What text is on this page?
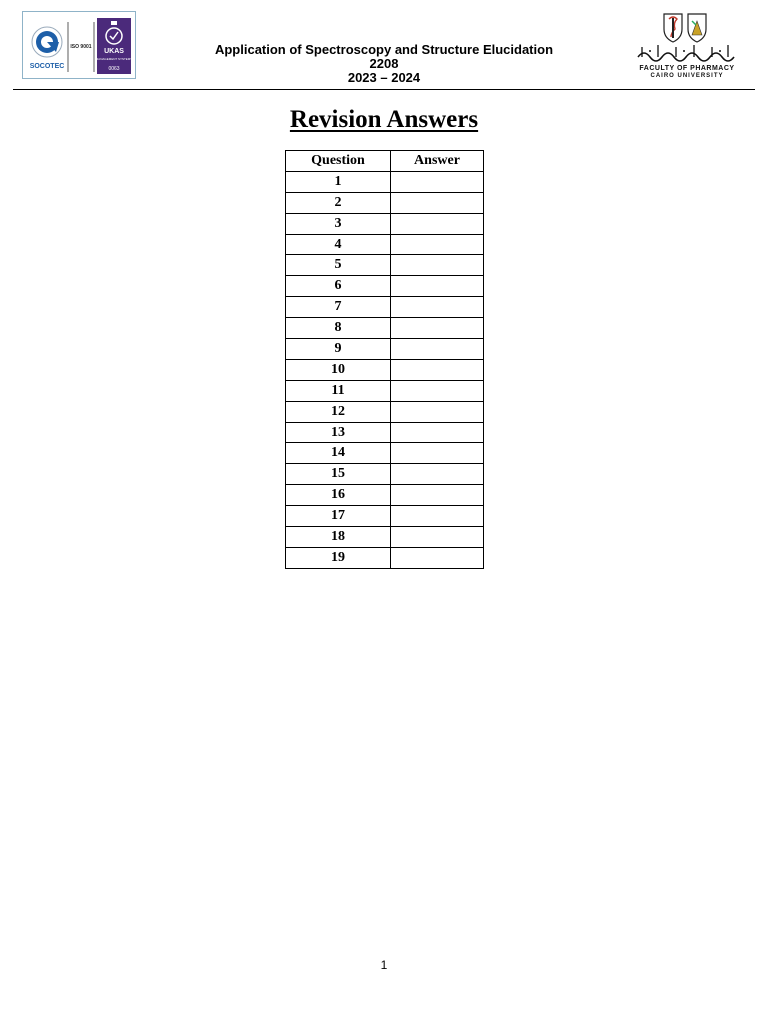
SOCOTEC
ISO 9001
UKAS
MANAGEMENT SYSTEMS
0063
Application of Spectroscopy and Structure Elucidation
2208
2023 – 2024
FACULTY OF PHARMACY
CAIRO UNIVERSITY
Revision Answers
Question	Answer
1	
2	
3	
4	
5	
6	
7	
8	
9	
10	
11	
12	
13	
14	
15	
16	
17	
18	
19	
1
